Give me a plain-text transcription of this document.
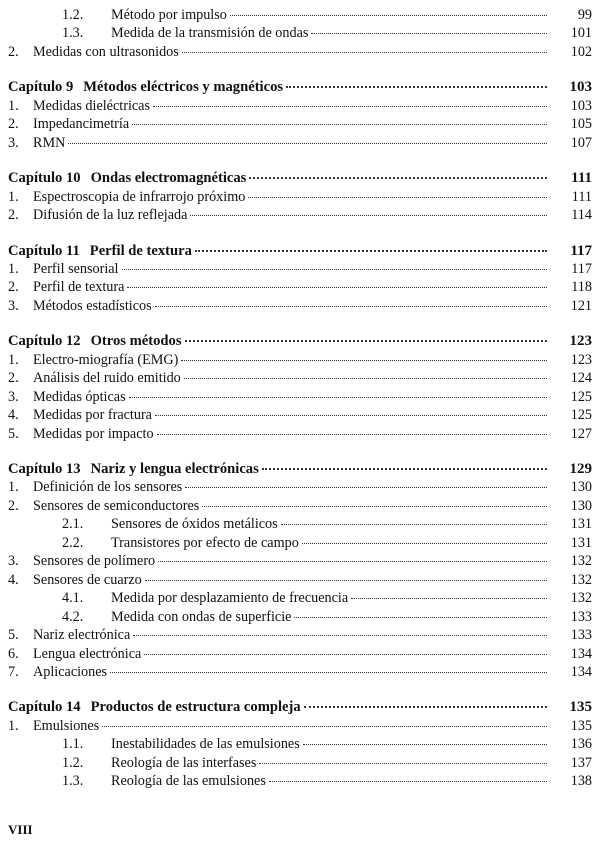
1.2. Método por impulso	99
1.3. Medida de la transmisión de ondas	101
2. Medidas con ultrasonidos	102
Capítulo 9 Métodos eléctricos y magnéticos	103
1. Medidas dieléctricas	103
2. Impedancimetría	105
3. RMN	107
Capítulo 10 Ondas electromagnéticas	111
1. Espectroscopia de infrarrojo próximo	111
2. Difusión de la luz reflejada	114
Capítulo 11 Perfil de textura	117
1. Perfil sensorial	117
2. Perfil de textura	118
3. Métodos estadísticos	121
Capítulo 12 Otros métodos	123
1. Electro-miografía (EMG)	123
2. Análisis del ruido emitido	124
3. Medidas ópticas	125
4. Medidas por fractura	125
5. Medidas por impacto	127
Capítulo 13 Nariz y lengua electrónicas	129
1. Definición de los sensores	130
2. Sensores de semiconductores	130
2.1. Sensores de óxidos metálicos	131
2.2. Transistores por efecto de campo	131
3. Sensores de polímero	132
4. Sensores de cuarzo	132
4.1. Medida por desplazamiento de frecuencia	132
4.2. Medida con ondas de superficie	133
5. Nariz electrónica	133
6. Lengua electrónica	134
7. Aplicaciones	134
Capítulo 14 Productos de estructura compleja	135
1. Emulsiones	135
1.1. Inestabilidades de las emulsiones	136
1.2. Reología de las interfases	137
1.3. Reología de las emulsiones	138
VIII
